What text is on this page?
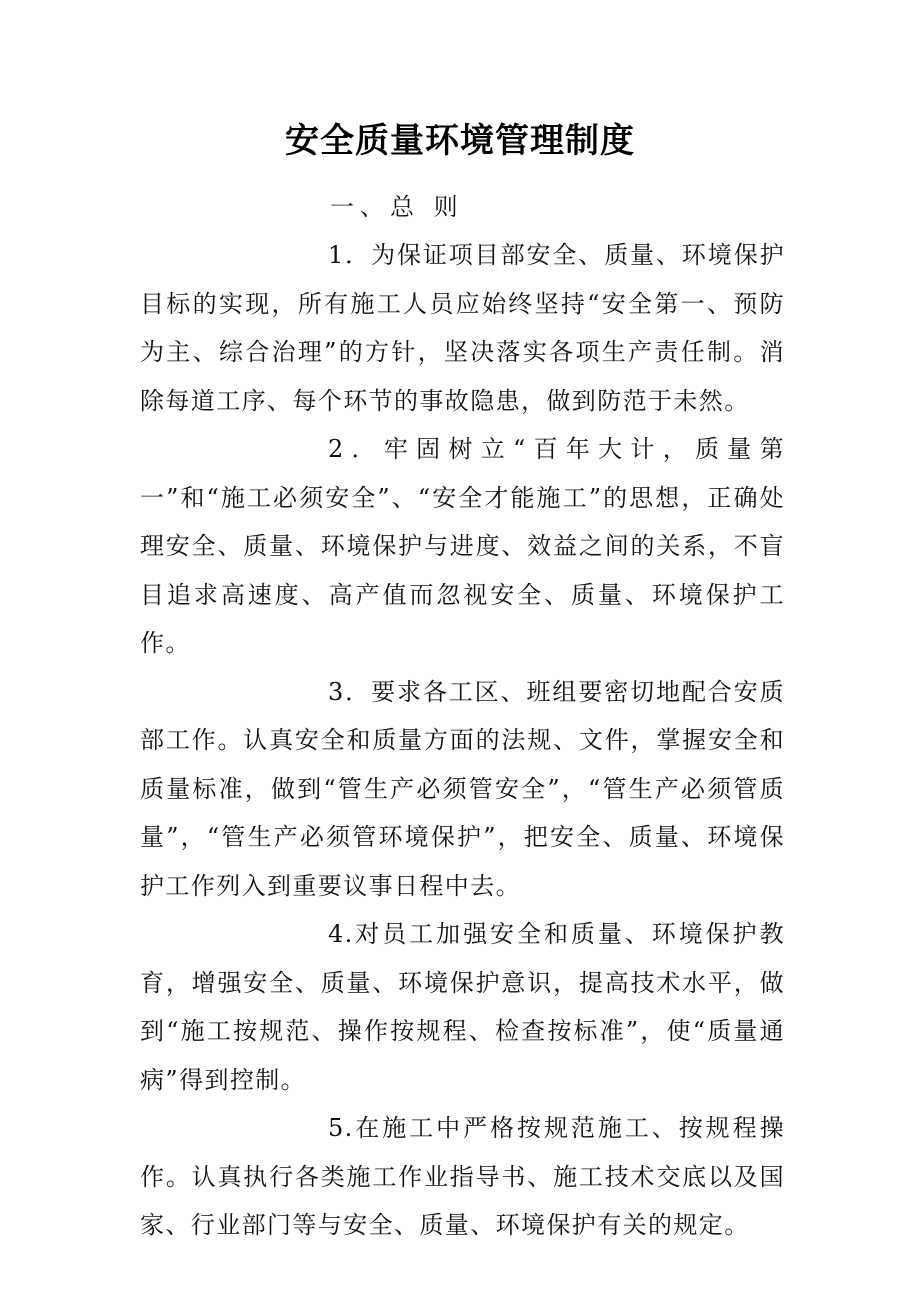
安全质量环境管理制度
一、总 则

1．为保证项目部安全、质量、环境保护目标的实现，所有施工人员应始终坚持“安全第一、预防为主、综合治理”的方针，坚决落实各项生产责任制。消除每道工序、每个环节的事故隐患，做到防范于未然。

2．牢固树立“百年大计，质量第一”和“施工必须安全”、“安全才能施工”的思想，正确处理安全、质量、环境保护与进度、效益之间的关系，不盲目追求高速度、高产值而忽视安全、质量、环境保护工作。

3．要求各工区、班组要密切地配合安质部工作。认真安全和质量方面的法规、文件，掌握安全和质量标准，做到“管生产必须管安全”，“管生产必须管质量”，“管生产必须管环境保护”，把安全、质量、环境保护工作列入到重要议事日程中去。

4.对员工加强安全和质量、环境保护教育，增强安全、质量、环境保护意识，提高技术水平，做到“施工按规范、操作按规程、检查按标准”，使“质量通病”得到控制。

5.在施工中严格按规范施工、按规程操作。认真执行各类施工作业指导书、施工技术交底以及国家、行业部门等与安全、质量、环境保护有关的规定。
